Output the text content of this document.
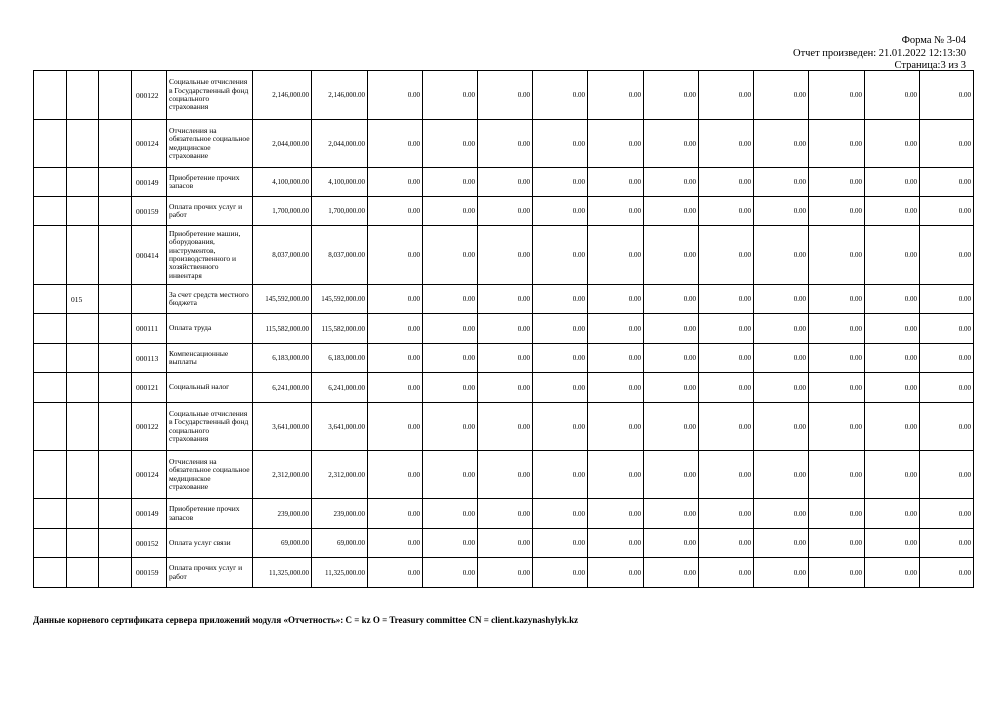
Форма № 3-04
Отчет произведен: 21.01.2022 12:13:30
Страница:3 из 3
			000122	Социальные отчисления в Государственный фонд социального страхования	2,146,000.00	2,146,000.00	0.00	0.00	0.00	0.00	0.00	0.00	0.00	0.00	0.00	0.00	0.00
			000124	Отчисления на обязательное социальное медицинское страхование	2,044,000.00	2,044,000.00	0.00	0.00	0.00	0.00	0.00	0.00	0.00	0.00	0.00	0.00	0.00
			000149	Приобретение прочих запасов	4,100,000.00	4,100,000.00	0.00	0.00	0.00	0.00	0.00	0.00	0.00	0.00	0.00	0.00	0.00
			000159	Оплата прочих услуг и работ	1,700,000.00	1,700,000.00	0.00	0.00	0.00	0.00	0.00	0.00	0.00	0.00	0.00	0.00	0.00
			000414	Приобретение машин, оборудования, инструментов, производственного и хозяйственного инвентаря	8,037,000.00	8,037,000.00	0.00	0.00	0.00	0.00	0.00	0.00	0.00	0.00	0.00	0.00	0.00
	015			За счет средств местного бюджета	145,592,000.00	145,592,000.00	0.00	0.00	0.00	0.00	0.00	0.00	0.00	0.00	0.00	0.00	0.00
			000111	Оплата труда	115,582,000.00	115,582,000.00	0.00	0.00	0.00	0.00	0.00	0.00	0.00	0.00	0.00	0.00	0.00
			000113	Компенсационные выплаты	6,183,000.00	6,183,000.00	0.00	0.00	0.00	0.00	0.00	0.00	0.00	0.00	0.00	0.00	0.00
			000121	Социальный налог	6,241,000.00	6,241,000.00	0.00	0.00	0.00	0.00	0.00	0.00	0.00	0.00	0.00	0.00	0.00
			000122	Социальные отчисления в Государственный фонд социального страхования	3,641,000.00	3,641,000.00	0.00	0.00	0.00	0.00	0.00	0.00	0.00	0.00	0.00	0.00	0.00
			000124	Отчисления на обязательное социальное медицинское страхование	2,312,000.00	2,312,000.00	0.00	0.00	0.00	0.00	0.00	0.00	0.00	0.00	0.00	0.00	0.00
			000149	Приобретение прочих запасов	239,000.00	239,000.00	0.00	0.00	0.00	0.00	0.00	0.00	0.00	0.00	0.00	0.00	0.00
			000152	Оплата услуг связи	69,000.00	69,000.00	0.00	0.00	0.00	0.00	0.00	0.00	0.00	0.00	0.00	0.00	0.00
			000159	Оплата прочих услуг и работ	11,325,000.00	11,325,000.00	0.00	0.00	0.00	0.00	0.00	0.00	0.00	0.00	0.00	0.00	0.00
Данные корневого сертификата сервера приложений модуля «Отчетность»: C = kz O = Treasury committee CN = client.kazynashylyk.kz
